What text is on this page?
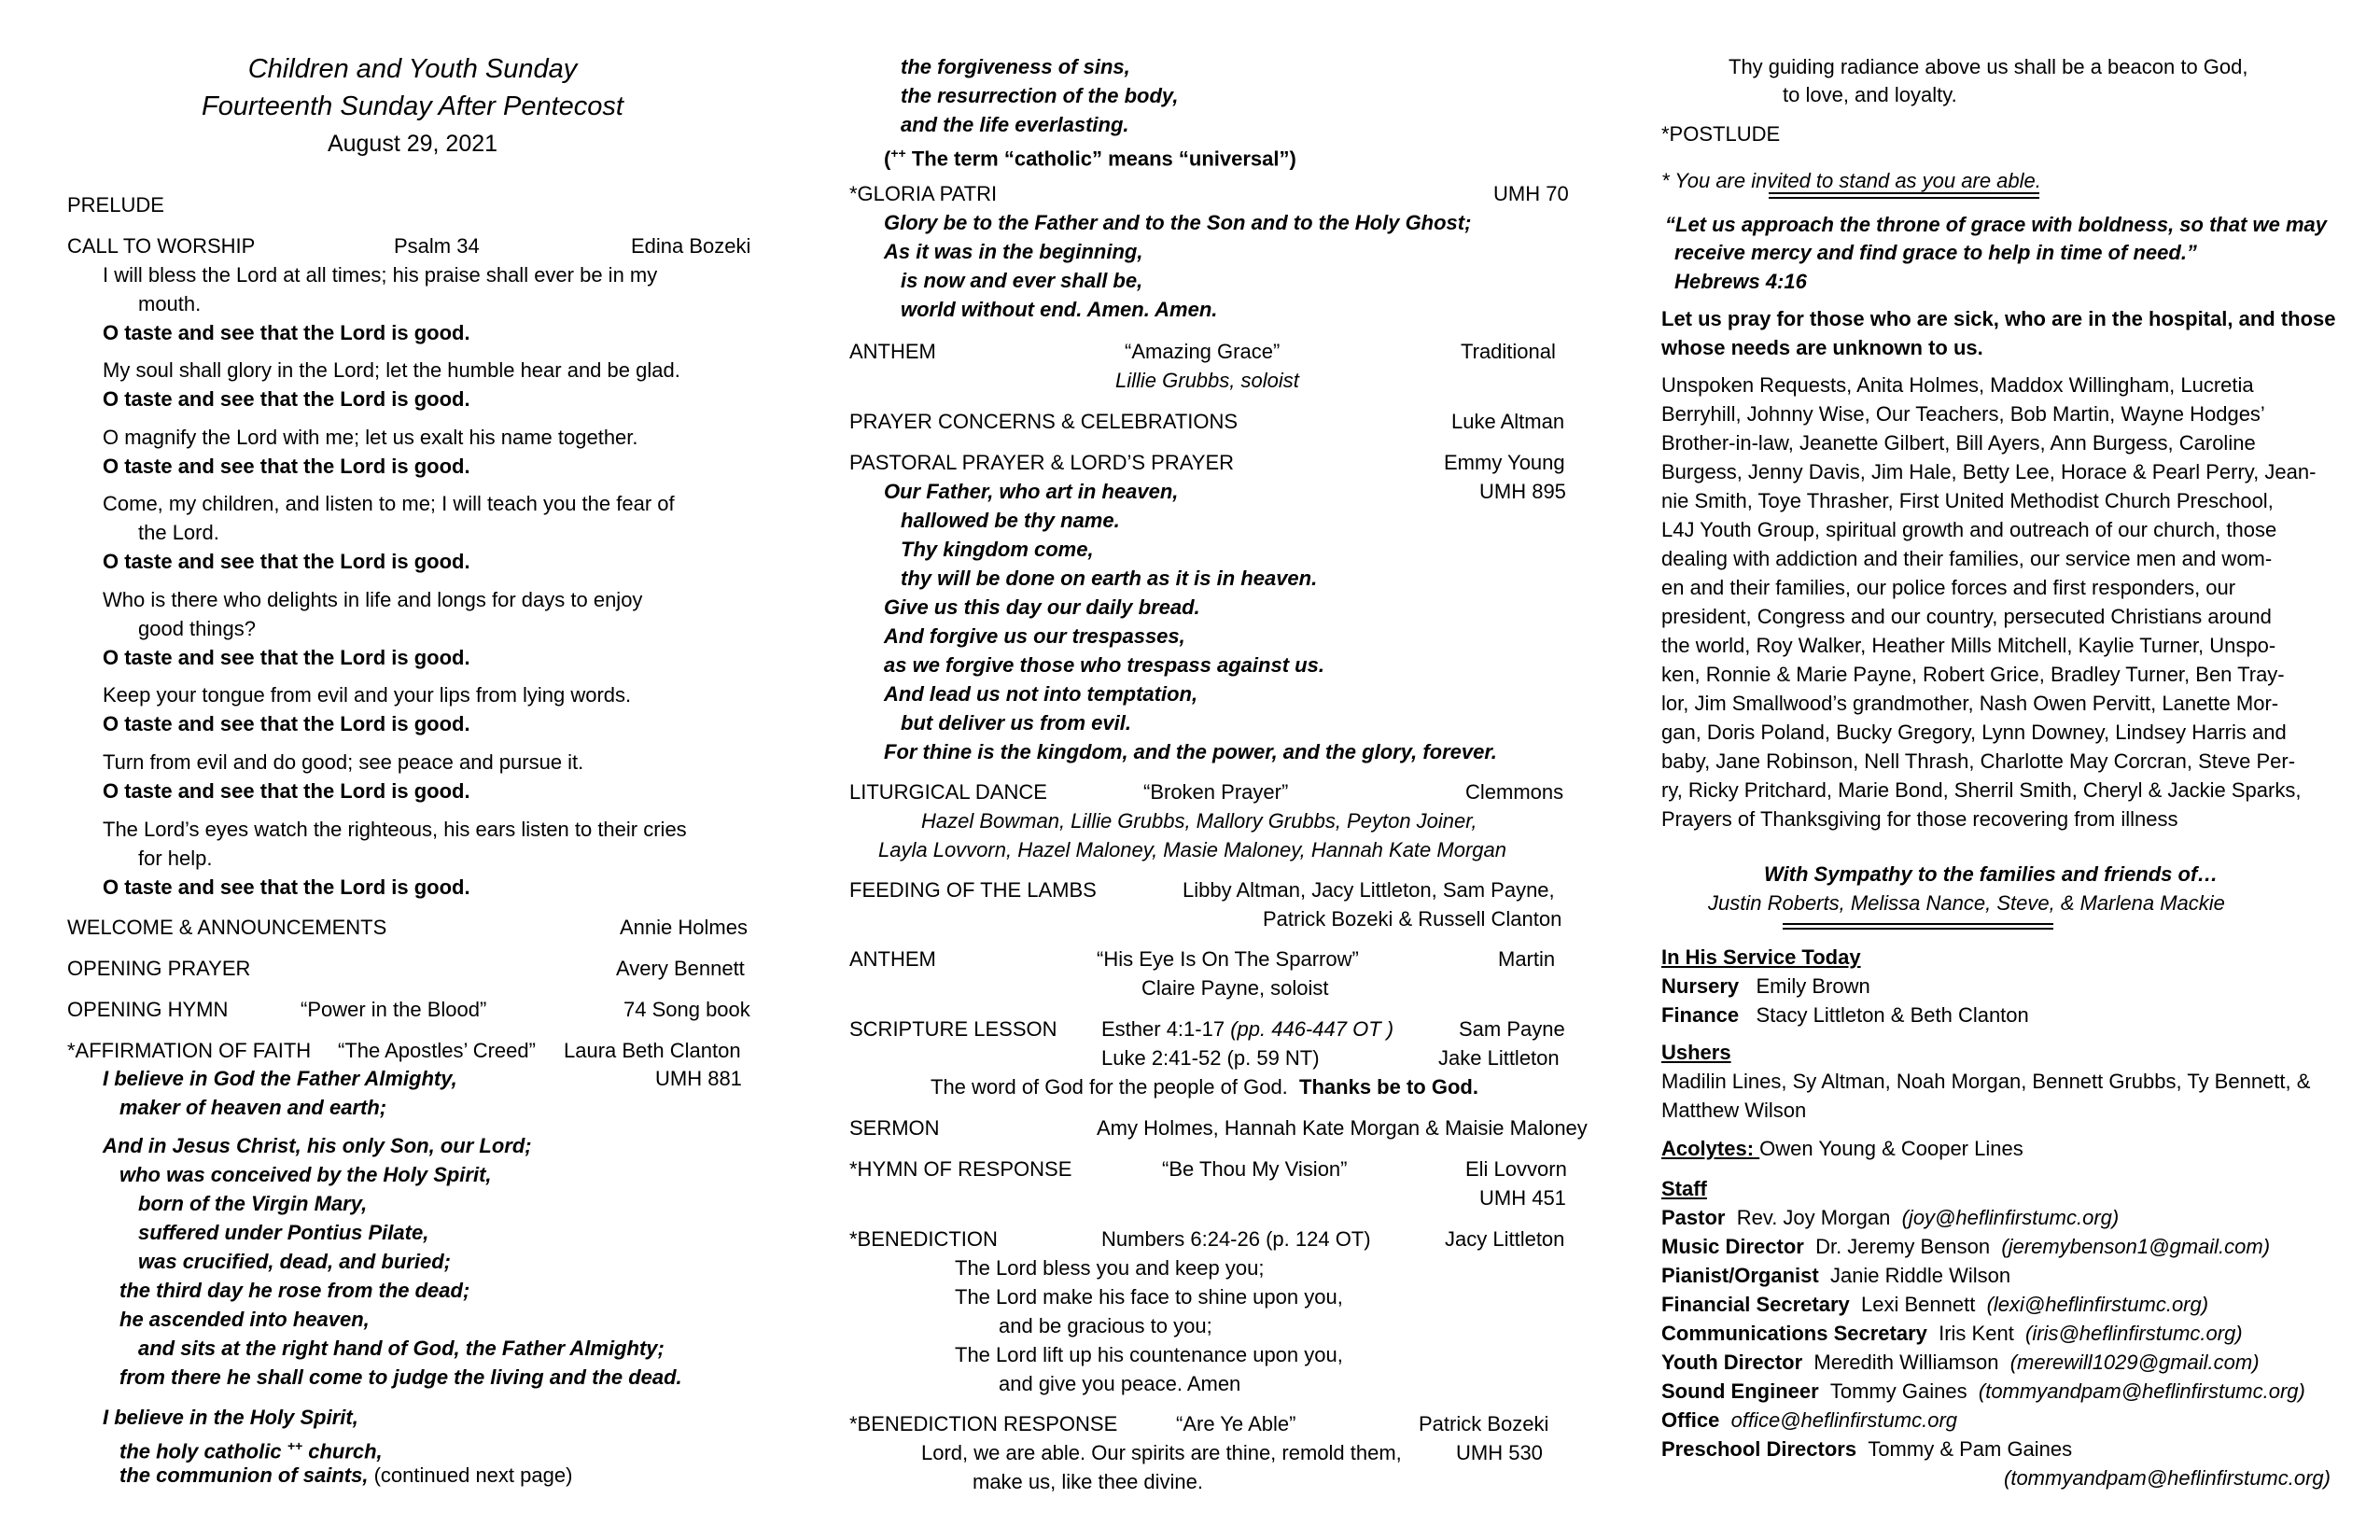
Children and Youth Sunday
Fourteenth Sunday After Pentecost
August 29, 2021
PRELUDE
CALL TO WORSHIP	Psalm 34	Edina Bozeki
I will bless the Lord at all times; his praise shall ever be in my
mouth.
O taste and see that the Lord is good.
My soul shall glory in the Lord; let the humble hear and be glad.
O taste and see that the Lord is good.
O magnify the Lord with me; let us exalt his name together.
O taste and see that the Lord is good.
Come, my children, and listen to me; I will teach you the fear of
the Lord.
O taste and see that the Lord is good.
Who is there who delights in life and longs for days to enjoy
good things?
O taste and see that the Lord is good.
Keep your tongue from evil and your lips from lying words.
O taste and see that the Lord is good.
Turn from evil and do good; see peace and pursue it.
O taste and see that the Lord is good.
The Lord’s eyes watch the righteous, his ears listen to their cries
for help.
O taste and see that the Lord is good.
WELCOME & ANNOUNCEMENTS	Annie Holmes
OPENING PRAYER	Avery Bennett
OPENING HYMN	“Power in the Blood”	74 Song book
*AFFIRMATION OF FAITH “The Apostles’ Creed” Laura Beth Clanton
I believe in God the Father Almighty,	UMH 881
maker of heaven and earth;
And in Jesus Christ, his only Son, our Lord;
who was conceived by the Holy Spirit,
born of the Virgin Mary,
suffered under Pontius Pilate,
was crucified, dead, and buried;
the third day he rose from the dead;
he ascended into heaven,
and sits at the right hand of God, the Father Almighty;
from there he shall come to judge the living and the dead.
I believe in the Holy Spirit,
the holy catholic ++ church,
the communion of saints, (continued next page)
the forgiveness of sins,
the resurrection of the body,
and the life everlasting.
(++ The term “catholic” means “universal”)
*GLORIA PATRI	UMH 70
Glory be to the Father and to the Son and to the Holy Ghost;
As it was in the beginning,
is now and ever shall be,
world without end. Amen. Amen.
ANTHEM	“Amazing Grace”	Traditional
Lillie Grubbs, soloist
PRAYER CONCERNS & CELEBRATIONS	Luke Altman
PASTORAL PRAYER & LORD’S PRAYER	Emmy Young
Our Father, who art in heaven,	UMH 895
hallowed be thy name.
Thy kingdom come,
thy will be done on earth as it is in heaven.
Give us this day our daily bread.
And forgive us our trespasses,
as we forgive those who trespass against us.
And lead us not into temptation,
but deliver us from evil.
For thine is the kingdom, and the power, and the glory, forever.
LITURGICAL DANCE	“Broken Prayer”	Clemmons
Hazel Bowman, Lillie Grubbs, Mallory Grubbs, Peyton Joiner,
Layla Lovvorn, Hazel Maloney, Masie Maloney, Hannah Kate Morgan
FEEDING OF THE LAMBS	Libby Altman, Jacy Littleton, Sam Payne,
Patrick Bozeki & Russell Clanton
ANTHEM	“His Eye Is On The Sparrow”	Martin
Claire Payne, soloist
SCRIPTURE LESSON Esther 4:1-17 (pp. 446-447 OT )	Sam Payne
Luke 2:41-52 (p. 59 NT)	Jake Littleton
The word of God for the people of God. Thanks be to God.
SERMON	Amy Holmes, Hannah Kate Morgan & Maisie Maloney
*HYMN OF RESPONSE	“Be Thou My Vision”	Eli Lovvorn
UMH 451
*BENEDICTION	Numbers 6:24-26 (p. 124 OT)	Jacy Littleton
The Lord bless you and keep you;
The Lord make his face to shine upon you,
and be gracious to you;
The Lord lift up his countenance upon you,
and give you peace. Amen
*BENEDICTION RESPONSE	“Are Ye Able”	Patrick Bozeki
Lord, we are able. Our spirits are thine, remold them,	UMH 530
make us, like thee divine.
Thy guiding radiance above us shall be a beacon to God,
to love, and loyalty.
*POSTLUDE
* You are invited to stand as you are able.
“Let us approach the throne of grace with boldness, so that we may
receive mercy and find grace to help in time of need.”
Hebrews 4:16
Let us pray for those who are sick, who are in the hospital, and those
whose needs are unknown to us.
Unspoken Requests, Anita Holmes, Maddox Willingham, Lucretia
Berryhill, Johnny Wise, Our Teachers, Bob Martin, Wayne Hodges’
Brother-in-law, Jeanette Gilbert, Bill Ayers, Ann Burgess, Caroline
Burgess, Jenny Davis, Jim Hale, Betty Lee, Horace & Pearl Perry, Jean-
nie Smith, Toye Thrasher, First United Methodist Church Preschool,
L4J Youth Group, spiritual growth and outreach of our church, those
dealing with addiction and their families, our service men and wom-
en and their families, our police forces and first responders, our
president, Congress and our country, persecuted Christians around
the world, Roy Walker, Heather Mills Mitchell, Kaylie Turner, Unspo-
ken, Ronnie & Marie Payne, Robert Grice, Bradley Turner, Ben Tray-
lor, Jim Smallwood’s grandmother, Nash Owen Pervitt, Lanette Mor-
gan, Doris Poland, Bucky Gregory, Lynn Downey, Lindsey Harris and
baby, Jane Robinson, Nell Thrash, Charlotte May Corcran, Steve Per-
ry, Ricky Pritchard, Marie Bond, Sherril Smith, Cheryl & Jackie Sparks,
Prayers of Thanksgiving for those recovering from illness
With Sympathy to the families and friends of…
Justin Roberts, Melissa Nance, Steve, & Marlena Mackie
In His Service Today
Nursery Emily Brown
Finance Stacy Littleton & Beth Clanton
Ushers
Madilin Lines, Sy Altman, Noah Morgan, Bennett Grubbs, Ty Bennett, &
Matthew Wilson
Acolytes: Owen Young & Cooper Lines
Staff
Pastor Rev. Joy Morgan (joy@heflinfirstumc.org)
Music Director Dr. Jeremy Benson (jeremybenson1@gmail.com)
Pianist/Organist Janie Riddle Wilson
Financial Secretary Lexi Bennett (lexi@heflinfirstumc.org)
Communications Secretary Iris Kent (iris@heflinfirstumc.org)
Youth Director Meredith Williamson (merewill1029@gmail.com)
Sound Engineer Tommy Gaines (tommyandpam@heflinfirstumc.org)
Office office@heflinfirstumc.org
Preschool Directors Tommy & Pam Gaines
(tommyandpam@heflinfirstumc.org)
